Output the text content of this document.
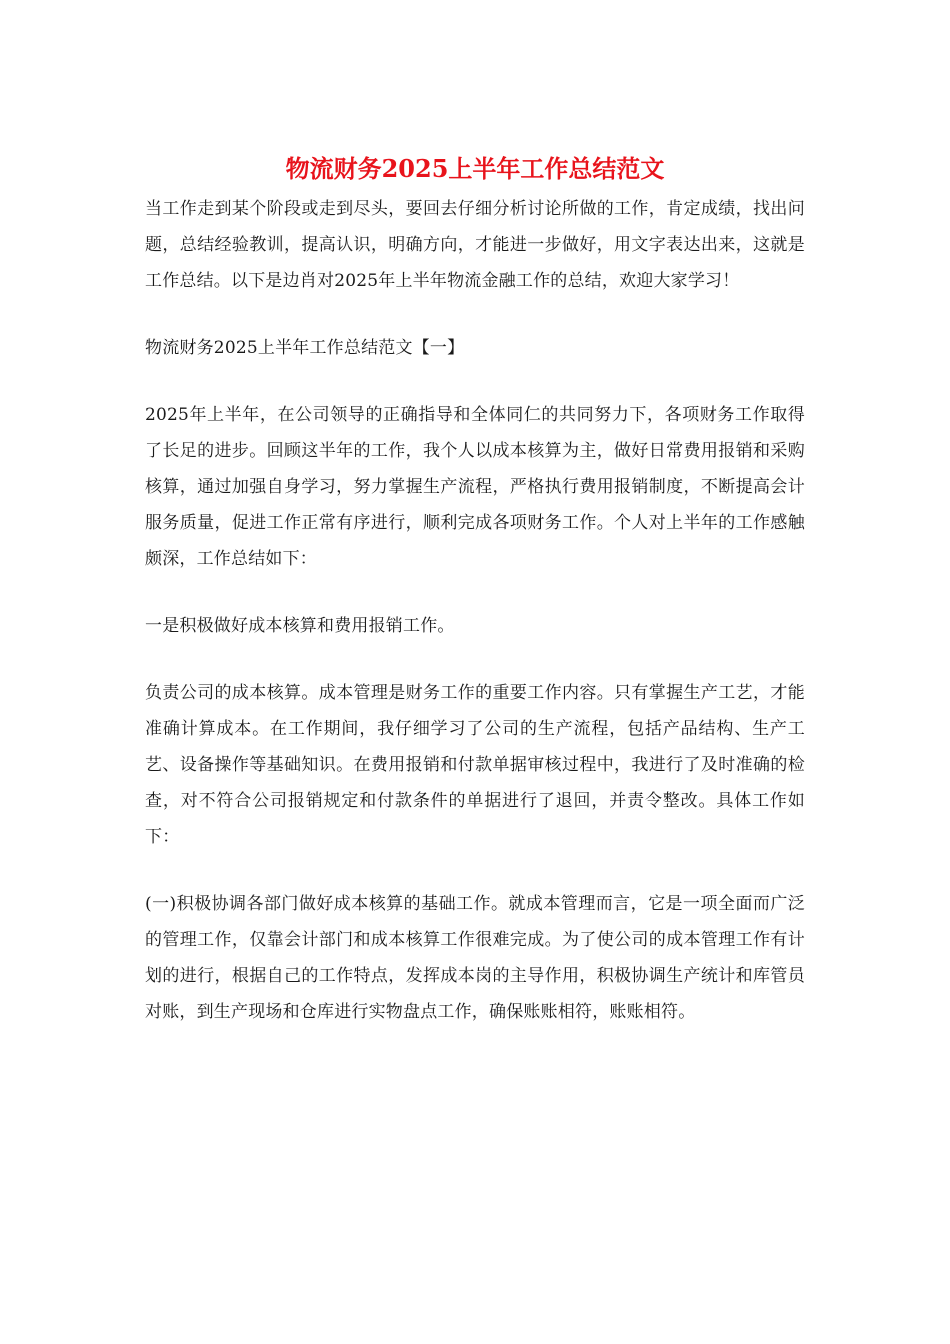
物流财务2025上半年工作总结范文

当工作走到某个阶段或走到尽头，要回去仔细分析讨论所做的工作，肯定成绩，找出问题，总结经验教训，提高认识，明确方向，才能进一步做好，用文字表达出来，这就是工作总结。以下是边肖对2025年上半年物流金融工作的总结，欢迎大家学习！

物流财务2025上半年工作总结范文【一】

2025年上半年，在公司领导的正确指导和全体同仁的共同努力下，各项财务工作取得了长足的进步。回顾这半年的工作，我个人以成本核算为主，做好日常费用报销和采购核算，通过加强自身学习，努力掌握生产流程，严格执行费用报销制度，不断提高会计服务质量，促进工作正常有序进行，顺利完成各项财务工作。个人对上半年的工作感触颇深，工作总结如下：

一是积极做好成本核算和费用报销工作。

负责公司的成本核算。成本管理是财务工作的重要工作内容。只有掌握生产工艺，才能准确计算成本。在工作期间，我仔细学习了公司的生产流程，包括产品结构、生产工艺、设备操作等基础知识。在费用报销和付款单据审核过程中，我进行了及时准确的检查，对不符合公司报销规定和付款条件的单据进行了退回，并责令整改。具体工作如下：

(一)积极协调各部门做好成本核算的基础工作。就成本管理而言，它是一项全面而广泛的管理工作，仅靠会计部门和成本核算工作很难完成。为了使公司的成本管理工作有计划的进行，根据自己的工作特点，发挥成本岗的主导作用，积极协调生产统计和库管员对账，到生产现场和仓库进行实物盘点工作，确保账账相符，账账相符。
